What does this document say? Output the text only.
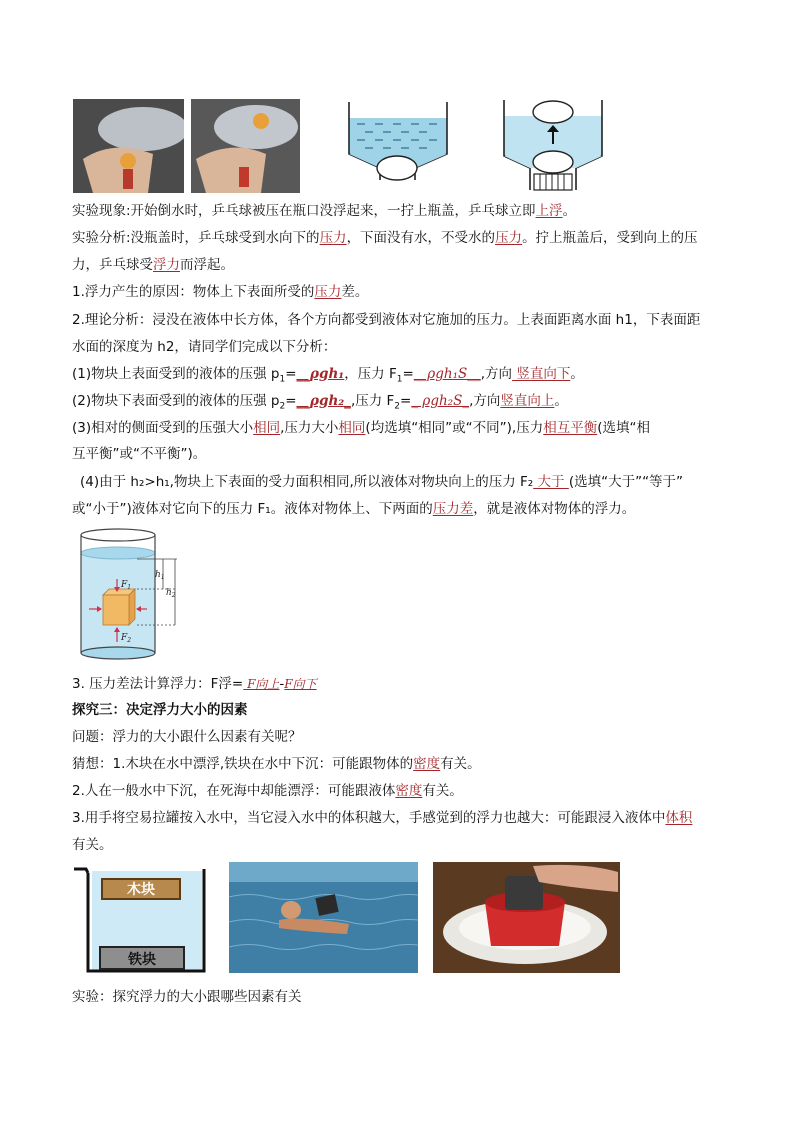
实验现象:开始倒水时，乒乓球被压在瓶口没浮起来，一拧上瓶盖，乒乓球立即上浮。
实验分析:没瓶盖时，乒乓球受到水向下的压力，下面没有水，不受水的压力。拧上瓶盖后，受到向上的压
力，乒乓球受浮力而浮起。
1.浮力产生的原因：物体上下表面所受的压力差。
2.理论分析：浸没在液体中长方体，各个方向都受到液体对它施加的压力。上表面距离水面 h1，下表面距
水面的深度为 h2，请同学们完成以下分析：
(1)物块上表面受到的液体的压强 $p_1=\_\_\rho gh_1$，压力 $F_1=\_\_\rho gh_1S\_\_$,方向 竖直向下。
(2)物块下表面受到的液体的压强 $p_2=\_\_\rho gh_2\_$,压力 $F_2=\_$ ρgh₂S_,方向竖直向上。
(3)相对的侧面受到的压强大小相同,压力大小相同(均选填“相同”或“不同”),压力相互平衡(选填“相
互平衡”或“不平衡”)。
(4)由于 h₂>h₁,物块上下表面的受力面积相同,所以液体对物块向上的压力 F₂ 大于 (选填“大于”“等于”
或“小于”)液体对它向下的压力 F₁。液体对物体上、下两面的压力差，就是液体对物体的浮力。
$F_1$
$F_2$
$h_1$
$h_2$
3. 压力差法计算浮力：F浮= F向上-F向下
探究三：决定浮力大小的因素
问题：浮力的大小跟什么因素有关呢？
猜想：1.木块在水中漂浮,铁块在水中下沉：可能跟物体的密度有关。
2.人在一般水中下沉，在死海中却能漂浮：可能跟液体密度有关。
3.用手将空易拉罐按入水中，当它浸入水中的体积越大，手感觉到的浮力也越大：可能跟浸入液体中体积
有关。
木块
铁块
实验：探究浮力的大小跟哪些因素有关
